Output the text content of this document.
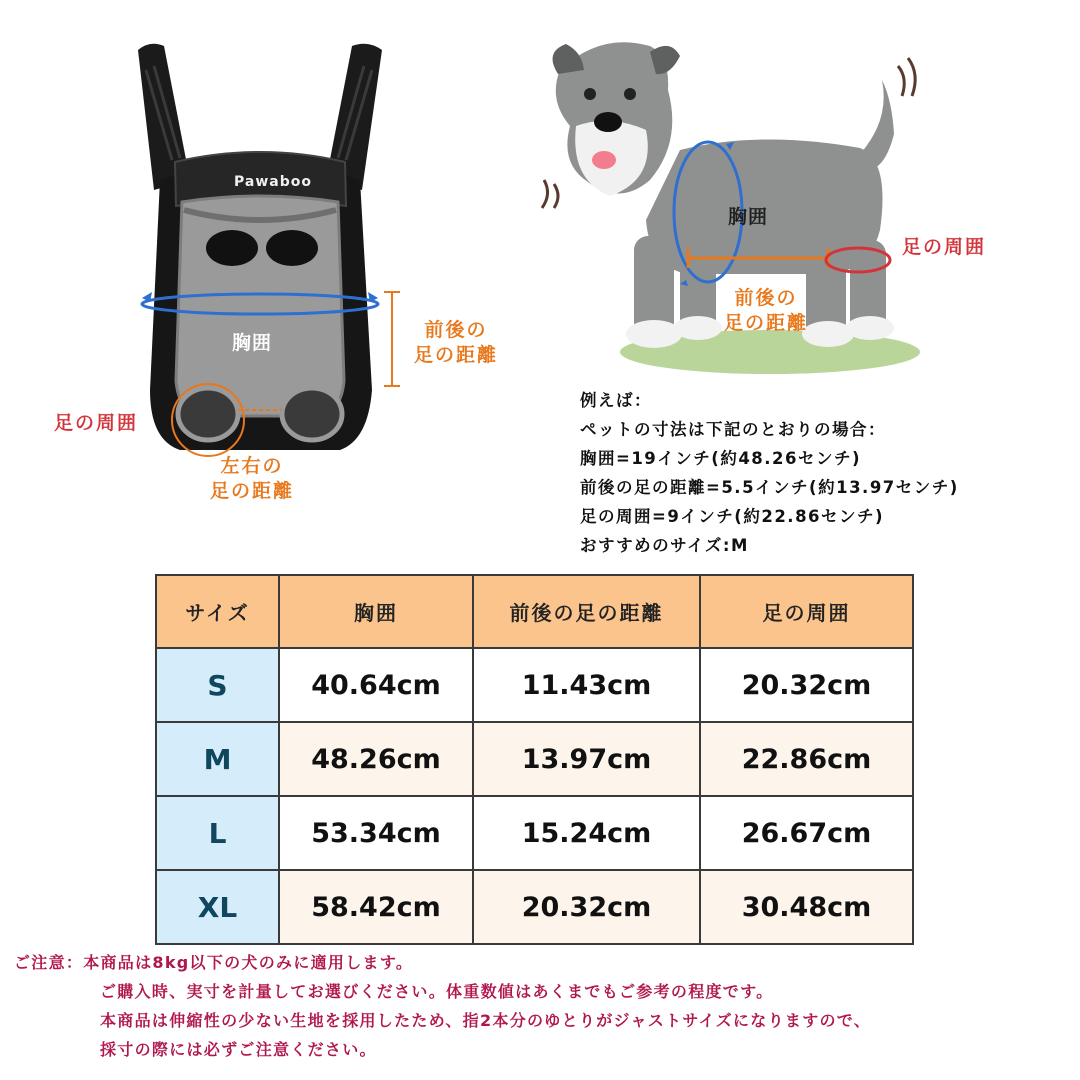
Pawaboo
胸囲
前後の
足の距離
足の周囲
左右の
足の距離
胸囲
足の周囲
前後の
足の距離
例えば：
ペットの寸法は下記のとおりの場合：
胸囲=19インチ(約48.26センチ)
前後の足の距離=5.5インチ(約13.97センチ)
足の周囲=9インチ(約22.86センチ)
おすすめのサイズ:M
サイズ	胸囲	前後の足の距離	足の周囲
S	40.64cm	11.43cm	20.32cm
M	48.26cm	13.97cm	22.86cm
L	53.34cm	15.24cm	26.67cm
XL	58.42cm	20.32cm	30.48cm
ご注意：本商品は8kg以下の犬のみに適用します。
ご購入時、実寸を計量してお選びください。体重数値はあくまでもご参考の程度です。
本商品は伸縮性の少ない生地を採用したため、指2本分のゆとりがジャストサイズになりますので、
採寸の際には必ずご注意ください。
